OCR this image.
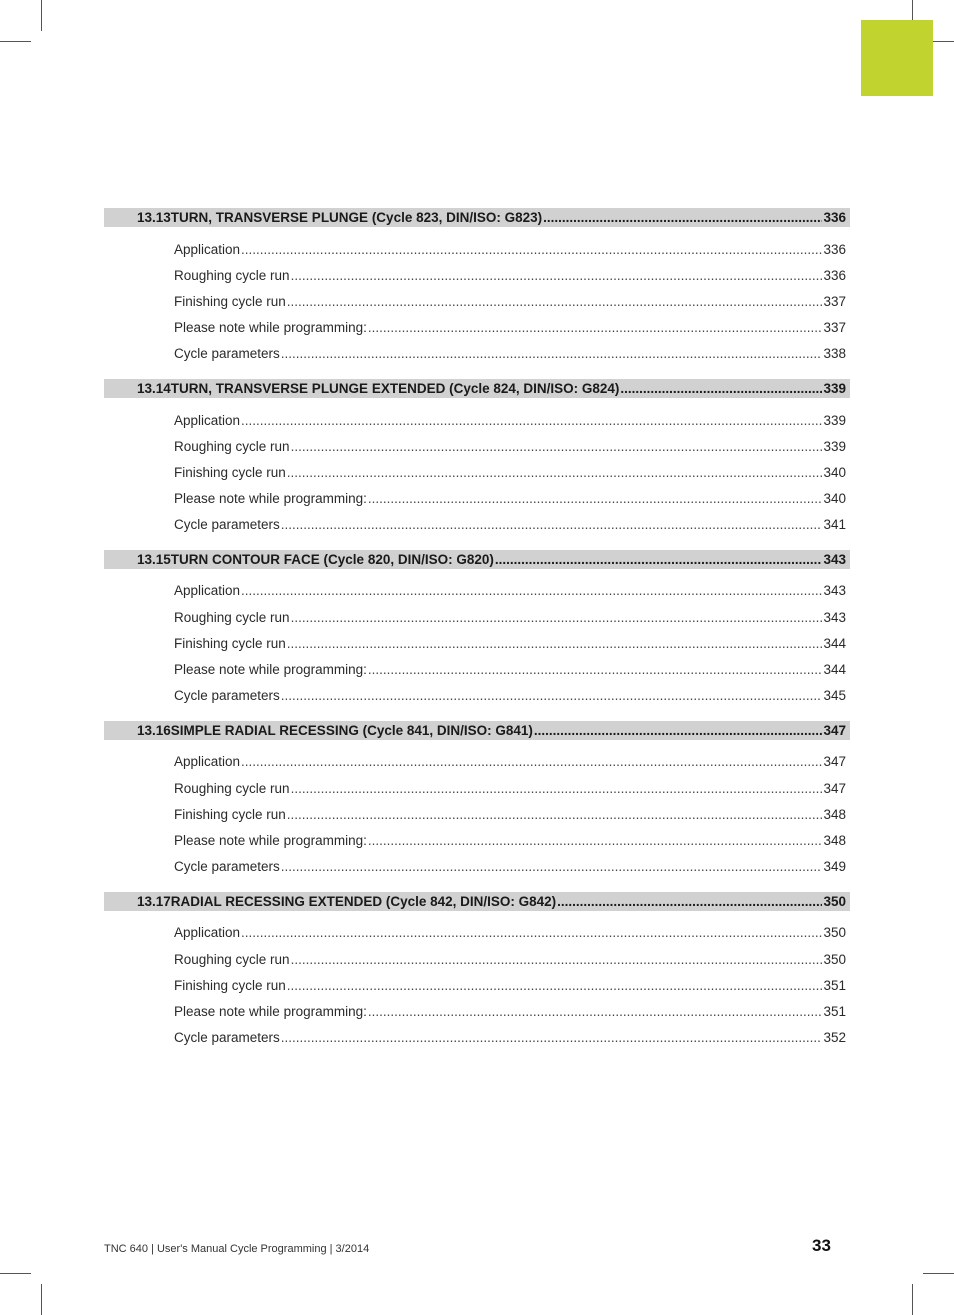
13.13 TURN, TRANSVERSE PLUNGE (Cycle 823, DIN/ISO: G823) .....	336
Application .....	336
Roughing cycle run .....	336
Finishing cycle run .....	337
Please note while programming: .....	337
Cycle parameters .....	338
13.14 TURN, TRANSVERSE PLUNGE EXTENDED (Cycle 824, DIN/ISO: G824) .....	339
Application .....	339
Roughing cycle run .....	339
Finishing cycle run .....	340
Please note while programming: .....	340
Cycle parameters .....	341
13.15 TURN CONTOUR FACE (Cycle 820, DIN/ISO: G820) .....	343
Application .....	343
Roughing cycle run .....	343
Finishing cycle run .....	344
Please note while programming: .....	344
Cycle parameters .....	345
13.16 SIMPLE RADIAL RECESSING (Cycle 841, DIN/ISO: G841) .....	347
Application .....	347
Roughing cycle run .....	347
Finishing cycle run .....	348
Please note while programming: .....	348
Cycle parameters .....	349
13.17 RADIAL RECESSING EXTENDED (Cycle 842, DIN/ISO: G842) .....	350
Application .....	350
Roughing cycle run .....	350
Finishing cycle run .....	351
Please note while programming: .....	351
Cycle parameters .....	352
TNC 640 | User's Manual Cycle Programming | 3/2014	33
